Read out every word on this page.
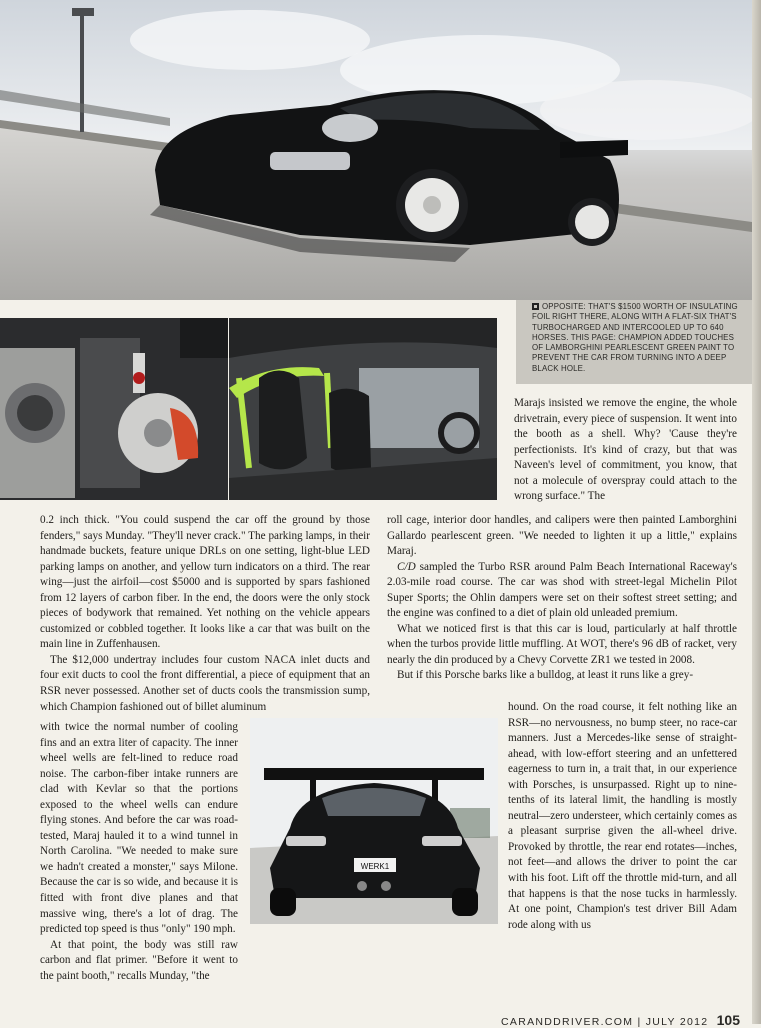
OPPOSITE: THAT'S $1500 WORTH OF INSULATING FOIL RIGHT THERE, ALONG WITH A FLAT-SIX THAT'S TURBOCHARGED AND INTERCOOLED UP TO 640 HORSES. THIS PAGE: CHAMPION ADDED TOUCHES OF LAMBORGHINI PEARLESCENT GREEN PAINT TO PREVENT THE CAR FROM TURNING INTO A DEEP BLACK HOLE.
WERK1

Marajs insisted we remove the engine, the whole drivetrain, every piece of suspension. It went into the booth as a shell. Why? 'Cause they're perfectionists. It's kind of crazy, but that was Naveen's level of commitment, you know, that not a molecule of overspray could attach to the wrong surface." The

0.2 inch thick. "You could suspend the car off the ground by those fenders," says Munday. "They'll never crack." The parking lamps, in their handmade buckets, feature unique DRLs on one setting, light-blue LED parking lamps on another, and yellow turn indicators on a third. The rear wing—just the airfoil—cost $5000 and is supported by spars fashioned from 12 layers of carbon fiber. In the end, the doors were the only stock pieces of bodywork that remained. Yet nothing on the vehicle appears customized or cobbled together. It looks like a car that was built on the main line in Zuffenhausen.

The $12,000 undertray includes four custom NACA inlet ducts and four exit ducts to cool the front differential, a piece of equipment that an RSR never possessed. Another set of ducts cools the transmission sump, which Champion fashioned out of billet aluminum

roll cage, interior door handles, and calipers were then painted Lamborghini Gallardo pearlescent green. "We needed to lighten it up a little," explains Maraj.

C/D sampled the Turbo RSR around Palm Beach International Raceway's 2.03-mile road course. The car was shod with street-legal Michelin Pilot Super Sports; the Ohlin dampers were set on their softest street setting; and the engine was confined to a diet of plain old unleaded premium.

What we noticed first is that this car is loud, particularly at half throttle when the turbos provide little muffling. At WOT, there's 96 dB of racket, very nearly the din produced by a Chevy Corvette ZR1 we tested in 2008.

But if this Porsche barks like a bulldog, at least it runs like a grey-

with twice the normal number of cooling fins and an extra liter of capacity. The inner wheel wells are felt-lined to reduce road noise. The carbon-fiber intake runners are clad with Kevlar so that the portions exposed to the wheel wells can endure flying stones. And before the car was road-tested, Maraj hauled it to a wind tunnel in North Carolina. "We needed to make sure we hadn't created a monster," says Milone. Because the car is so wide, and because it is fitted with front dive planes and that massive wing, there's a lot of drag. The predicted top speed is thus "only" 190 mph.

At that point, the body was still raw carbon and flat primer. "Before it went to the paint booth," recalls Munday, "the

hound. On the road course, it felt nothing like an RSR—no nervousness, no bump steer, no race-car manners. Just a Mercedes-like sense of straight-ahead, with low-effort steering and an unfettered eagerness to turn in, a trait that, in our experience with Porsches, is unsurpassed. Right up to nine-tenths of its lateral limit, the handling is mostly neutral—zero understeer, which certainly comes as a pleasant surprise given the all-wheel drive. Provoked by throttle, the rear end rotates—inches, not feet—and allows the driver to point the car with his foot. Lift off the throttle mid-turn, and all that happens is that the nose tucks in harmlessly. At one point, Champion's test driver Bill Adam rode along with us

CARANDDRIVER.COM | JULY 2012 105
